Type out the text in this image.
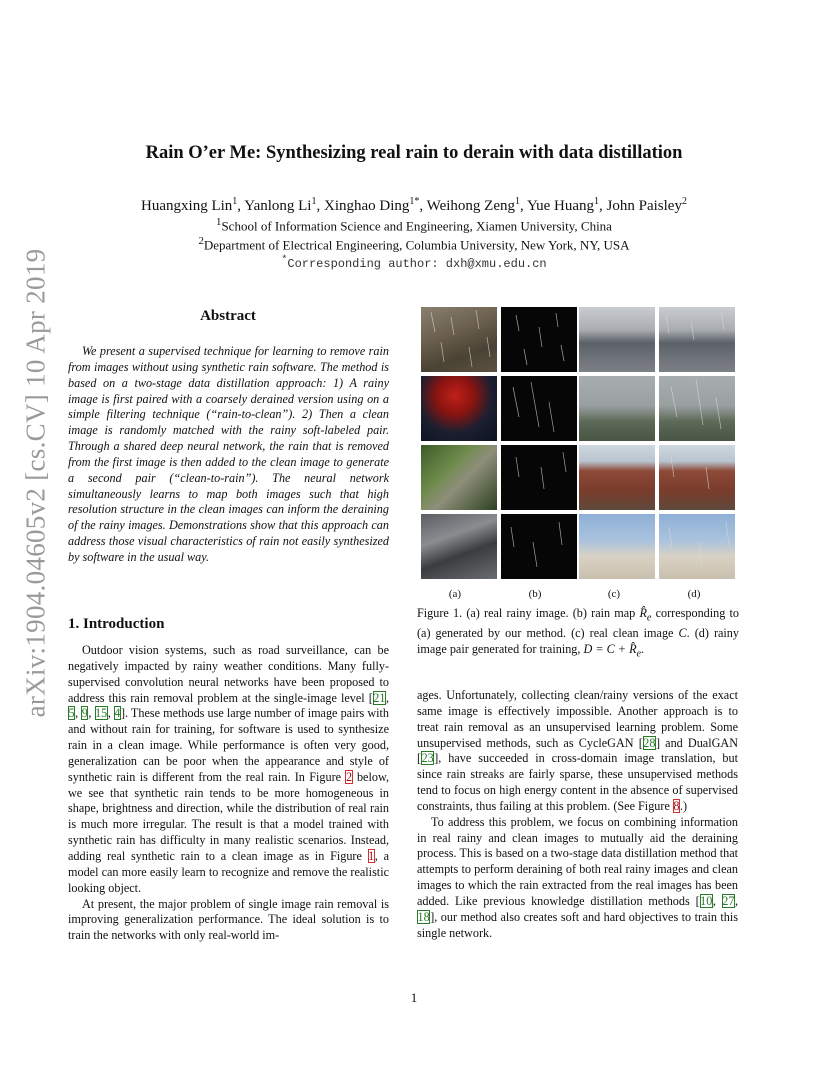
arXiv:1904.04605v2 [cs.CV] 10 Apr 2019
Rain O’er Me: Synthesizing real rain to derain with data distillation
Huangxing Lin$^1$, Yanlong Li$^1$, Xinghao Ding$^{1*}$, Weihong Zeng$^1$, Yue Huang$^1$, John Paisley$^2$
$^1$School of Information Science and Engineering, Xiamen University, China
$^2$Department of Electrical Engineering, Columbia University, New York, NY, USA
*Corresponding author: dxh@xmu.edu.cn
Abstract

We present a supervised technique for learning to remove rain from images without using synthetic rain software. The method is based on a two-stage data distillation approach: 1) A rainy image is first paired with a coarsely derained version using on a simple filtering technique (“rain-to-clean”). 2) Then a clean image is randomly matched with the rainy soft-labeled pair. Through a shared deep neural network, the rain that is removed from the first image is then added to the clean image to generate a second pair (“clean-to-rain”). The neural network simultaneously learns to map both images such that high resolution structure in the clean images can inform the deraining of the rainy images. Demonstrations show that this approach can address those visual characteristics of rain not easily synthesized by software in the usual way.

1. Introduction

Outdoor vision systems, such as road surveillance, can be negatively impacted by rainy weather conditions. Many fully-supervised convolution neural networks have been proposed to address this rain removal problem at the single-image level [21, 5, 9, 15, 4]. These methods use large number of image pairs with and without rain for training, for software is used to synthesize rain in a clean image. While performance is often very good, generalization can be poor when the appearance and style of synthetic rain is different from the real rain. In Figure 2 below, we see that synthetic rain tends to be more homogeneous in shape, brightness and direction, while the distribution of real rain is much more irregular. The result is that a model trained with synthetic rain has difficulty in many realistic scenarios. Instead, adding real synthetic rain to a clean image as in Figure 1, a model can more easily learn to recognize and remove the realistic looking object.

At present, the major problem of single image rain removal is improving generalization performance. The ideal solution is to train the networks with only real-world im-

(a)	(b)	(c)	(d)
Figure 1. (a) real rainy image. (b) rain map $R̂_e$ corresponding to (a) generated by our method. (c) real clean image C. (d) rainy image pair generated for training, $D = C + R̂_e$.

ages. Unfortunately, collecting clean/rainy versions of the exact same image is effectively impossible. Another approach is to treat rain removal as an unsupervised learning problem. Some unsupervised methods, such as CycleGAN [28] and DualGAN [23], have succeeded in cross-domain image translation, but since rain streaks are fairly sparse, these unsupervised methods tend to focus on high energy content in the absence of supervised constraints, thus failing at this problem. (See Figure 8.)

To address this problem, we focus on combining information in real rainy and clean images to mutually aid the deraining process. This is based on a two-stage data distillation method that attempts to perform deraining of both real rainy images and clean images to which the rain extracted from the real images has been added. Like previous knowledge distillation methods [10, 27, 18], our method also creates soft and hard objectives to train this single network.

1
